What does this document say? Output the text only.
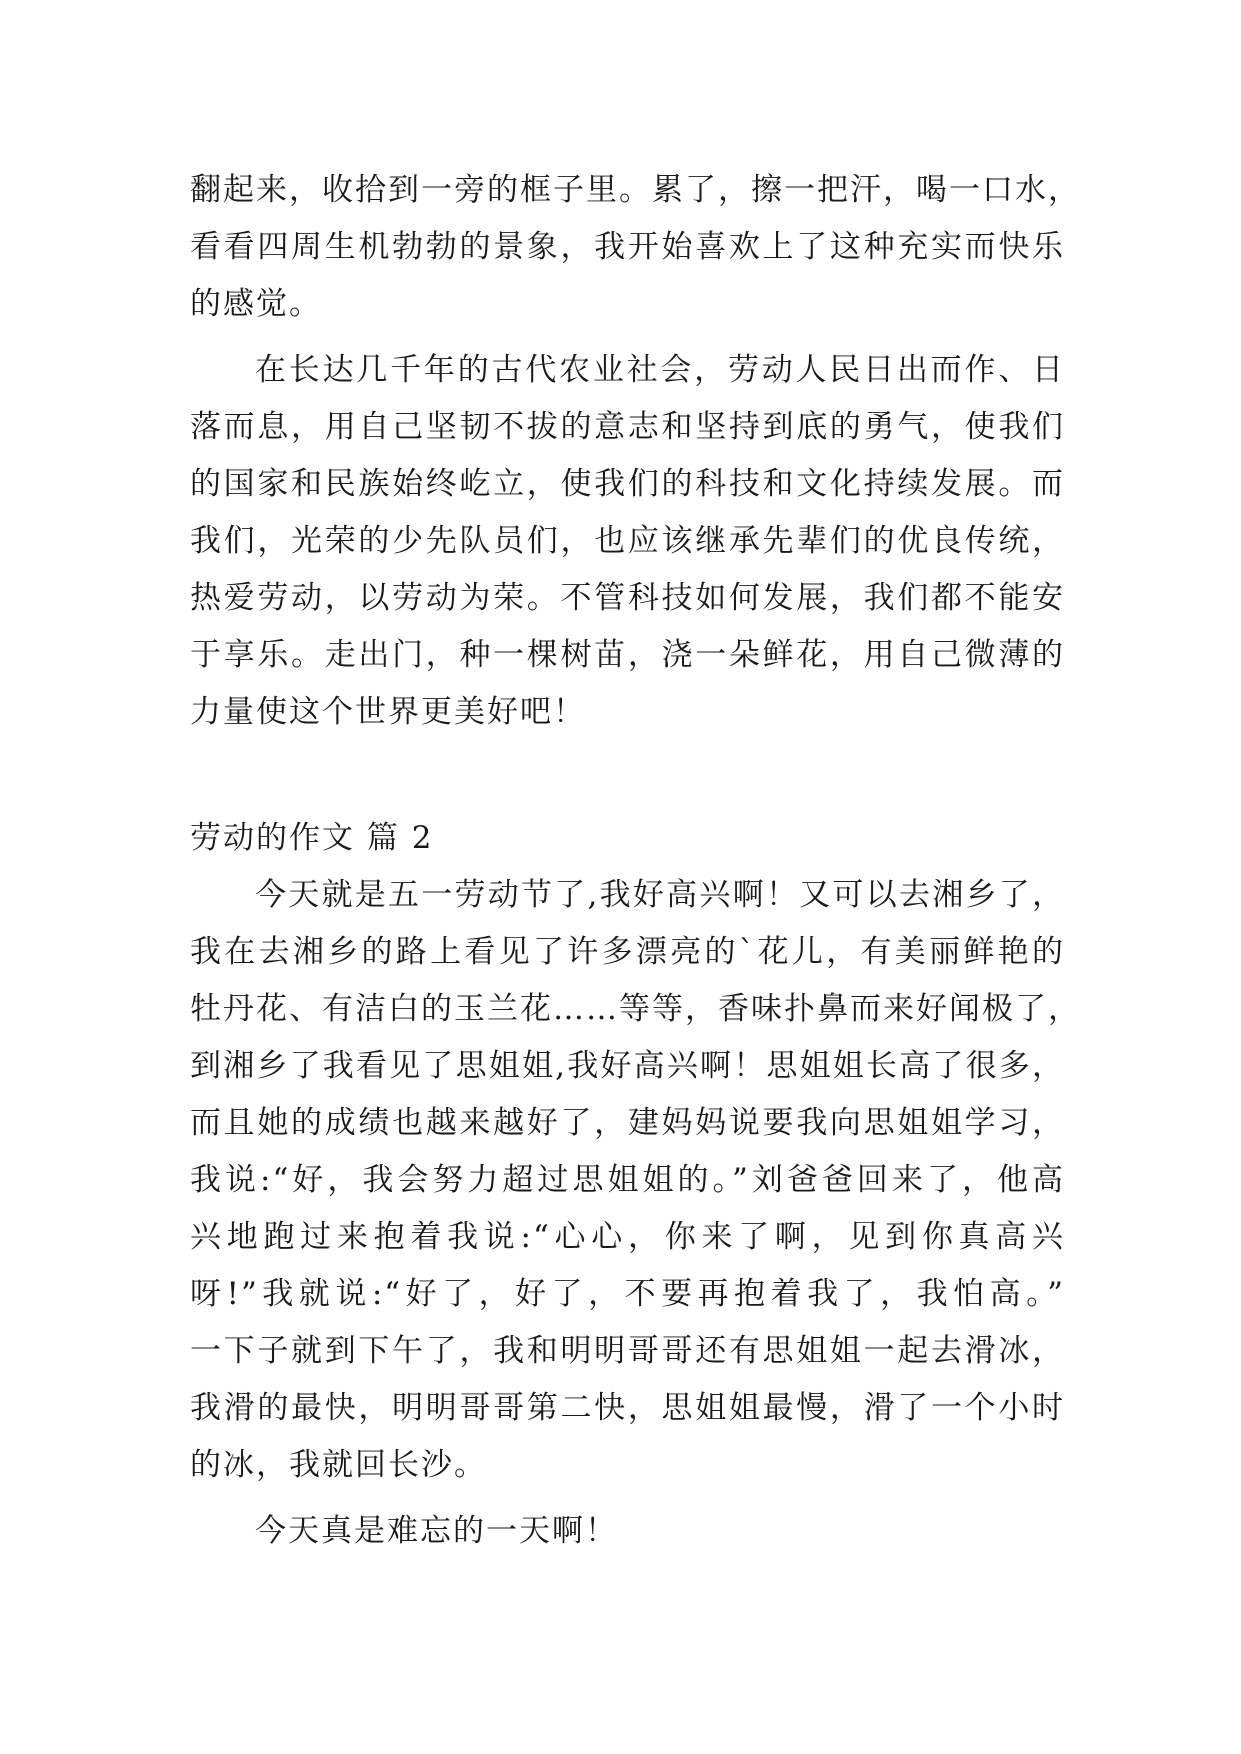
翻起来，收拾到一旁的框子里。累了，擦一把汗，喝一口水，
看看四周生机勃勃的景象，我开始喜欢上了这种充实而快乐
的感觉。
在长达几千年的古代农业社会，劳动人民日出而作、日
落而息，用自己坚韧不拔的意志和坚持到底的勇气，使我们
的国家和民族始终屹立，使我们的科技和文化持续发展。而
我们，光荣的少先队员们，也应该继承先辈们的优良传统，
热爱劳动，以劳动为荣。不管科技如何发展，我们都不能安
于享乐。走出门，种一棵树苗，浇一朵鲜花，用自己微薄的
力量使这个世界更美好吧！
劳动的作文 篇 2
今天就是五一劳动节了,我好高兴啊！又可以去湘乡了，
我在去湘乡的路上看见了许多漂亮的`花儿，有美丽鲜艳的
牡丹花、有洁白的玉兰花……等等，香味扑鼻而来好闻极了，
到湘乡了我看见了思姐姐,我好高兴啊！思姐姐长高了很多，
而且她的成绩也越来越好了，建妈妈说要我向思姐姐学习，
我说:“好，我会努力超过思姐姐的。”刘爸爸回来了，他高
兴地跑过来抱着我说:“心心，你来了啊，见到你真高兴
呀!”我就说:“好了，好了，不要再抱着我了，我怕高。”
一下子就到下午了，我和明明哥哥还有思姐姐一起去滑冰，
我滑的最快，明明哥哥第二快，思姐姐最慢，滑了一个小时
的冰，我就回长沙。
今天真是难忘的一天啊！
